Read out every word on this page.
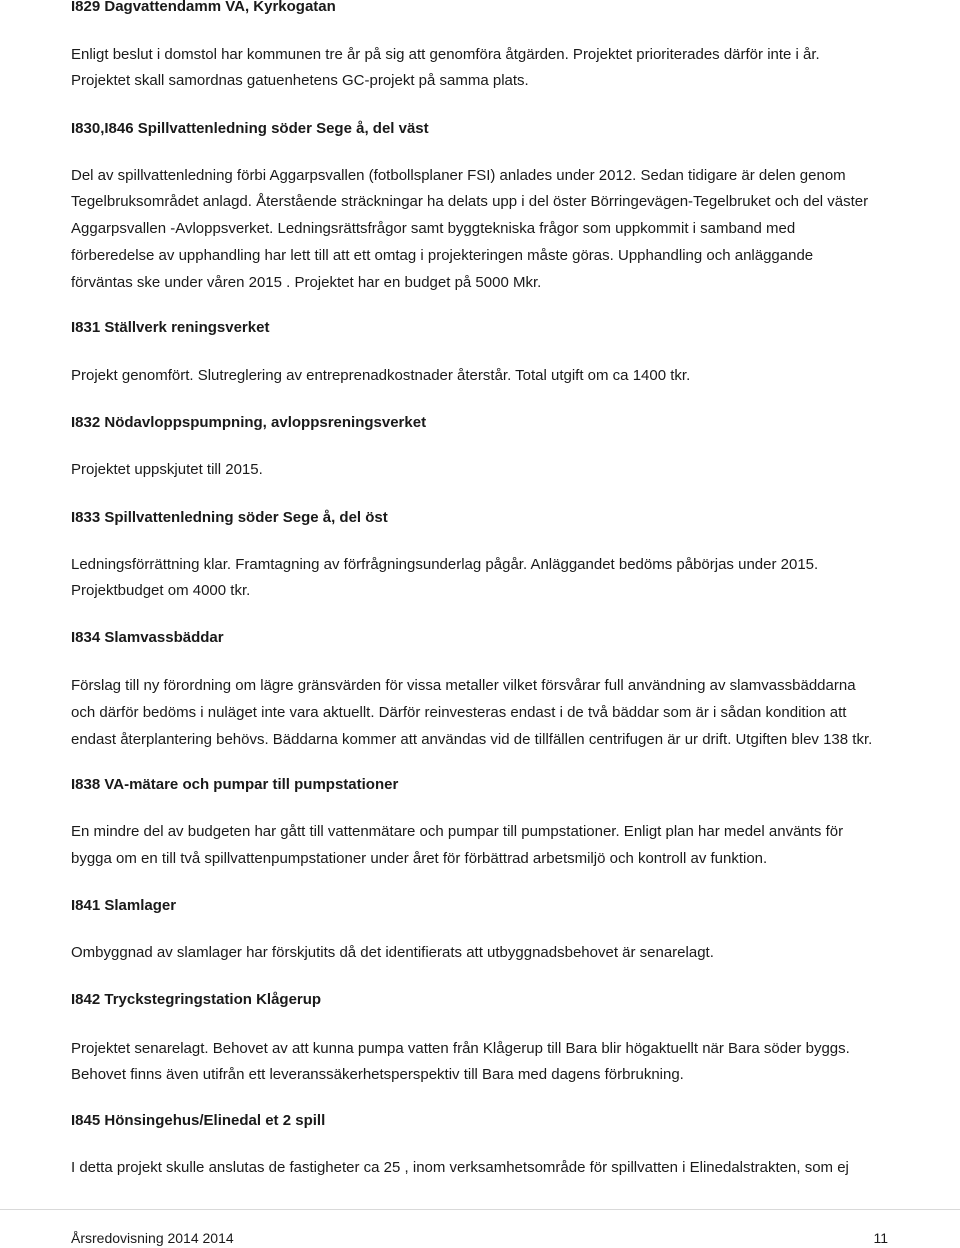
I829 Dagvattendamm VA, Kyrkogatan
Enligt beslut i domstol har kommunen tre år på sig att genomföra åtgärden. Projektet prioriterades därför inte i år.
Projektet skall samordnas gatuenhetens GC-projekt på samma plats.
I830,I846 Spillvattenledning söder Sege å, del väst
Del av spillvattenledning förbi Aggarpsvallen (fotbollsplaner FSI) anlades under 2012. Sedan tidigare är delen genom
Tegelbruksområdet anlagd. Återstående sträckningar ha delats upp i del öster Börringevägen-Tegelbruket och del väster
Aggarpsvallen -Avloppsverket. Ledningsrättsfrågor samt byggtekniska frågor som uppkommit i samband med
förberedelse av upphandling har lett till att ett omtag i projekteringen måste göras. Upphandling och anläggande
förväntas ske under våren 2015 . Projektet har en budget på 5000 Mkr.
I831 Ställverk reningsverket
Projekt genomfört. Slutreglering av entreprenadkostnader återstår. Total utgift om ca 1400 tkr.
I832 Nödavloppspumpning, avloppsreningsverket
Projektet uppskjutet till 2015.
I833 Spillvattenledning söder Sege å, del öst
Ledningsförrättning klar. Framtagning av förfrågningsunderlag pågår. Anläggandet bedöms påbörjas under 2015.
Projektbudget om 4000 tkr.
I834 Slamvassbäddar
Förslag till ny förordning om lägre gränsvärden för vissa metaller vilket försvårar full användning av slamvassbäddarna
och därför bedöms i nuläget inte vara aktuellt. Därför reinvesteras endast i de två bäddar som är i sådan kondition att
endast återplantering behövs. Bäddarna kommer att användas vid de tillfällen centrifugen är ur drift. Utgiften blev 138 tkr.
I838 VA-mätare och pumpar till pumpstationer
En mindre del av budgeten har gått till vattenmätare och pumpar till pumpstationer. Enligt plan har medel använts för
bygga om en till två spillvattenpumpstationer under året för förbättrad arbetsmiljö och kontroll av funktion.
I841 Slamlager
Ombyggnad av slamlager har förskjutits då det identifierats att utbyggnadsbehovet är senarelagt.
I842 Tryckstegringstation Klågerup
Projektet senarelagt. Behovet av att kunna pumpa vatten från Klågerup till Bara blir högaktuellt när Bara söder byggs.
Behovet finns även utifrån ett leveranssäkerhetsperspektiv till Bara med dagens förbrukning.
I845 Hönsingehus/Elinedal et 2 spill
I detta projekt skulle anslutas de fastigheter ca 25 , inom verksamhetsområde för spillvatten i Elinedalstrakten, som ej
Årsredovisning 2014 2014	11
